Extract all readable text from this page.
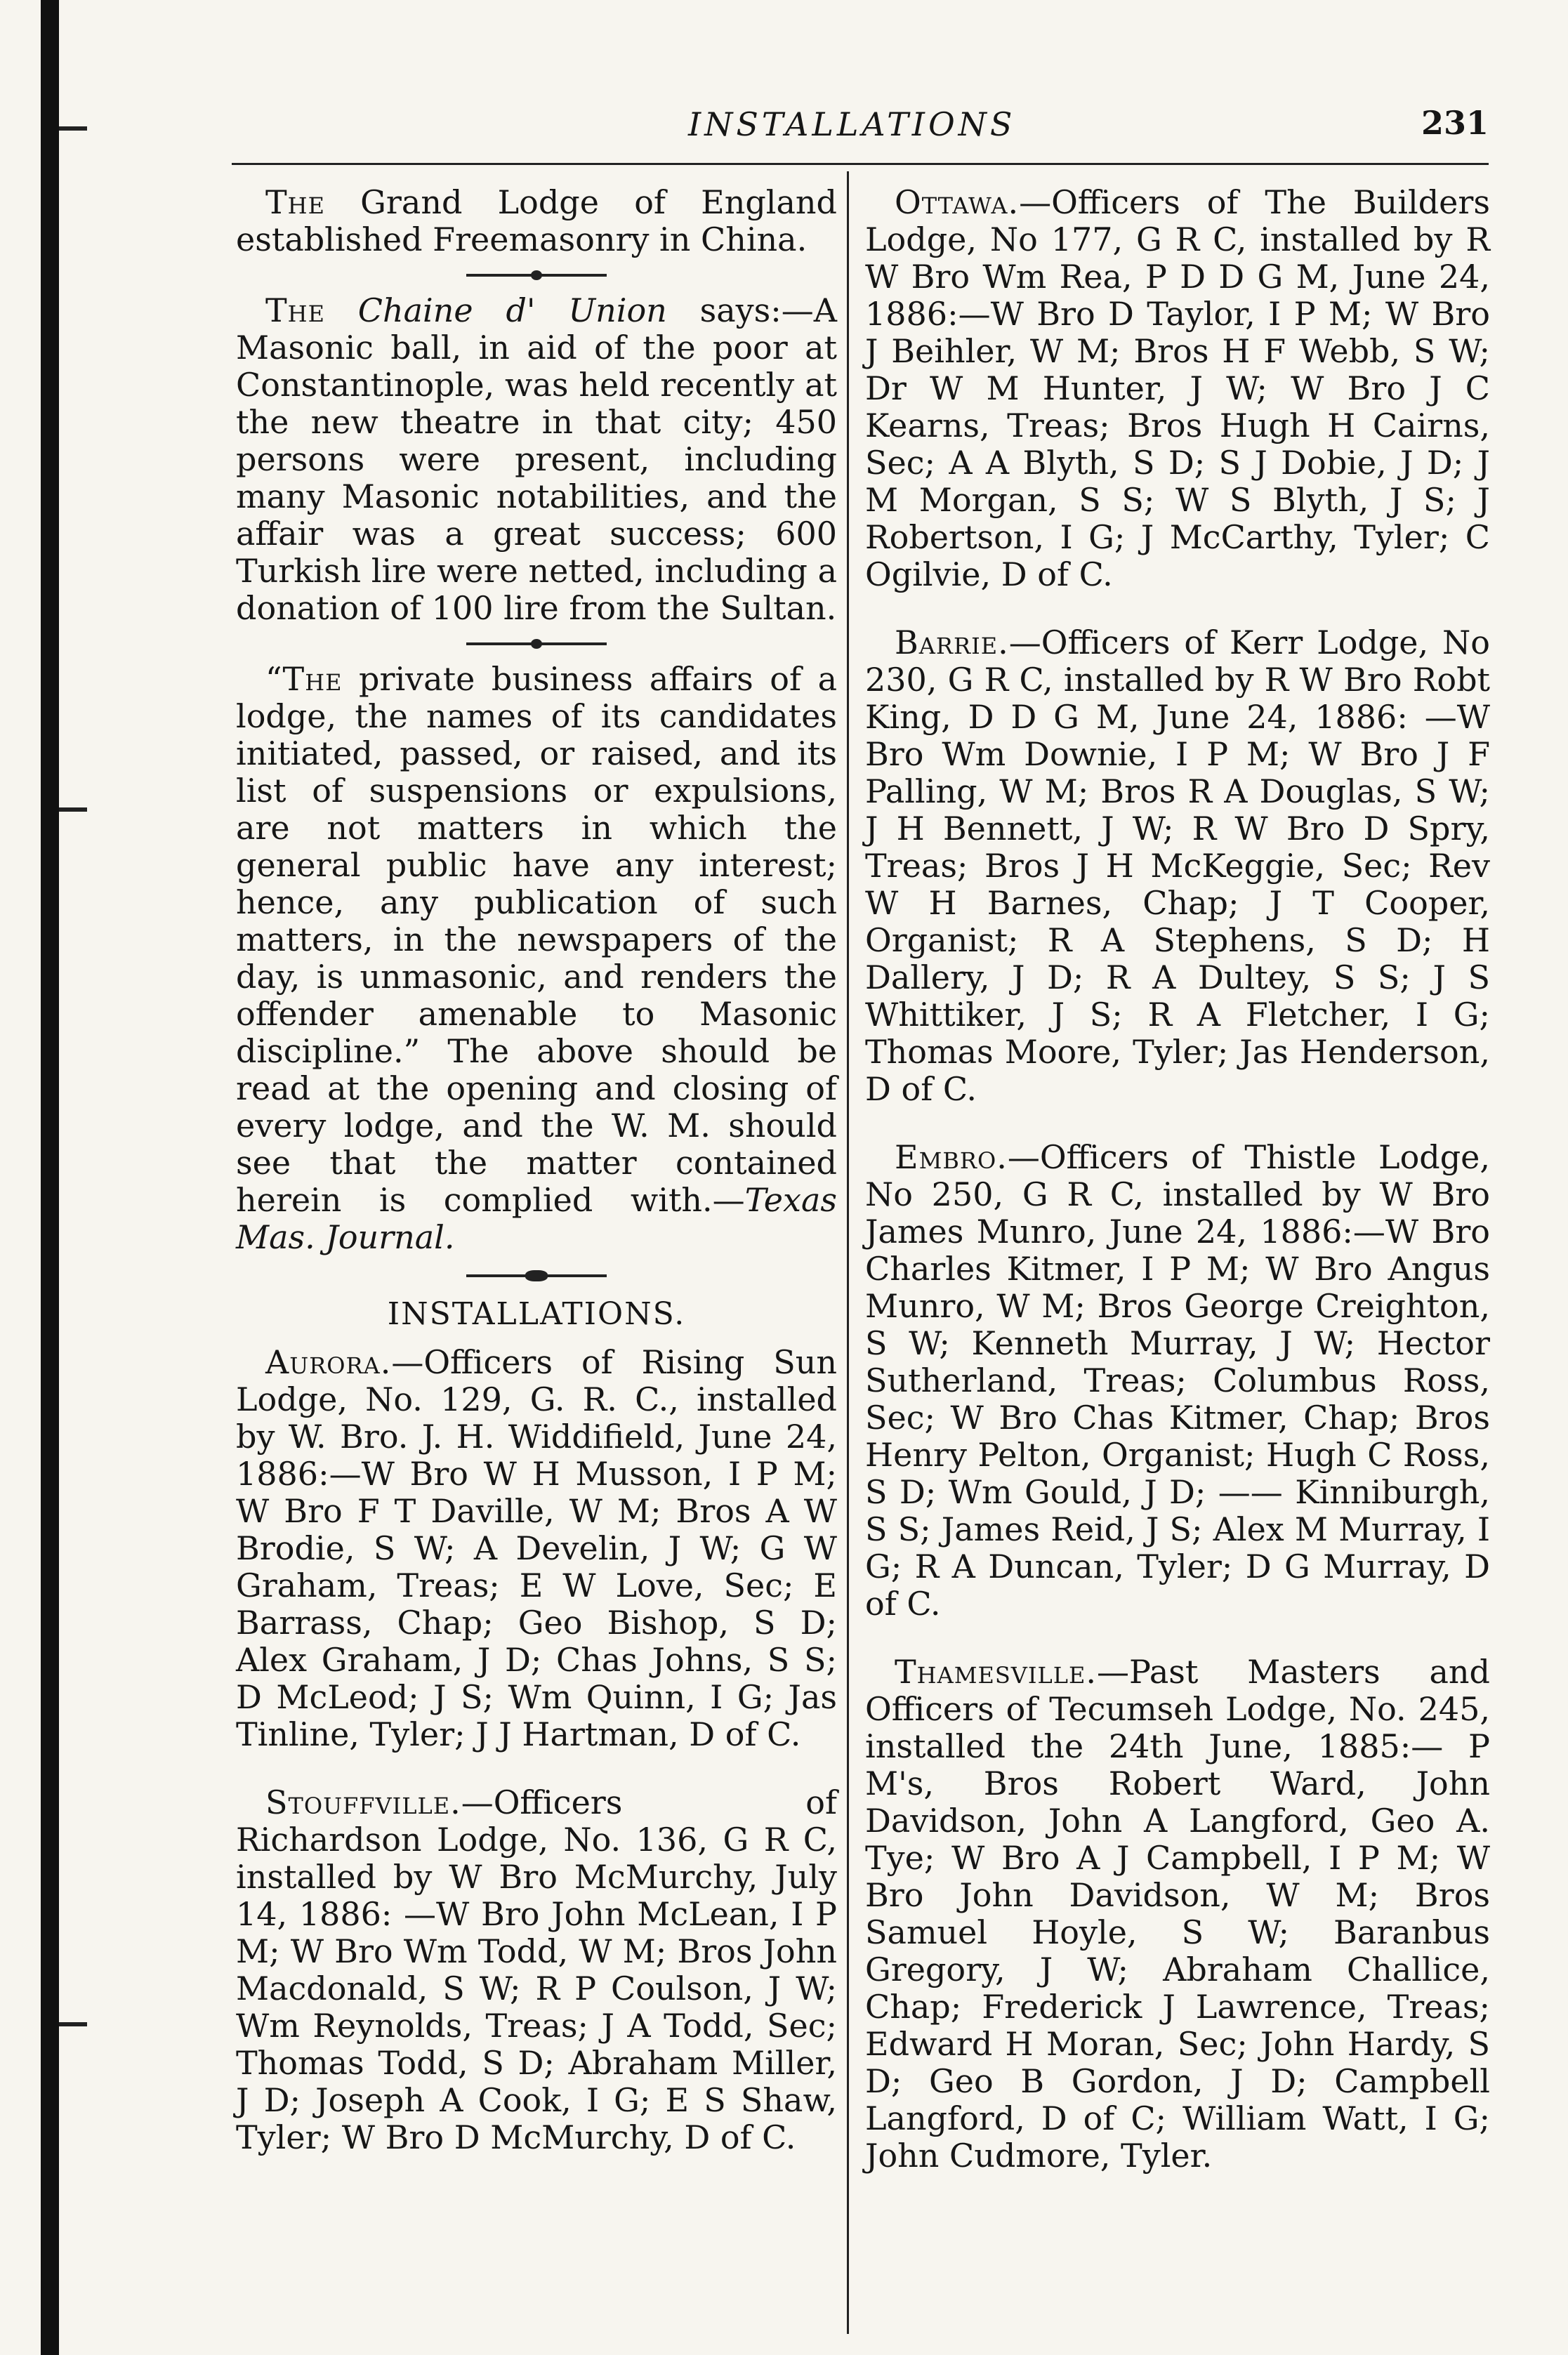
INSTALLATIONS	231

The Grand Lodge of England established Freemasonry in China.

The Chaine d' Union says:—A Masonic ball, in aid of the poor at Constantinople, was held recently at the new theatre in that city; 450 persons were present, including many Masonic notabilities, and the affair was a great success; 600 Turkish lire were netted, including a donation of 100 lire from the Sultan.

“The private business affairs of a lodge, the names of its candidates initiated, passed, or raised, and its list of suspensions or expulsions, are not matters in which the general public have any interest; hence, any publication of such matters, in the newspapers of the day, is unmasonic, and renders the offender amenable to Masonic discipline.” The above should be read at the opening and closing of every lodge, and the W. M. should see that the matter contained herein is complied with.—Texas Mas. Journal.

INSTALLATIONS.

Aurora.—Officers of Rising Sun Lodge, No. 129, G. R. C., installed by W. Bro. J. H. Widdifield, June 24, 1886:—W Bro W H Musson, I P M; W Bro F T Daville, W M; Bros A W Brodie, S W; A Develin, J W; G W Graham, Treas; E W Love, Sec; E Barrass, Chap; Geo Bishop, S D; Alex Graham, J D; Chas Johns, S S; D McLeod; J S; Wm Quinn, I G; Jas Tinline, Tyler; J J Hartman, D of C.

Stouffville.—Officers of Richardson Lodge, No. 136, G R C, installed by W Bro McMurchy, July 14, 1886: —W Bro John McLean, I P M; W Bro Wm Todd, W M; Bros John Macdonald, S W; R P Coulson, J W; Wm Reynolds, Treas; J A Todd, Sec; Thomas Todd, S D; Abraham Miller, J D; Joseph A Cook, I G; E S Shaw, Tyler; W Bro D McMurchy, D of C.

Ottawa.—Officers of The Builders Lodge, No 177, G R C, installed by R W Bro Wm Rea, P D D G M, June 24, 1886:—W Bro D Taylor, I P M; W Bro J Beihler, W M; Bros H F Webb, S W; Dr W M Hunter, J W; W Bro J C Kearns, Treas; Bros Hugh H Cairns, Sec; A A Blyth, S D; S J Dobie, J D; J M Morgan, S S; W S Blyth, J S; J Robertson, I G; J McCarthy, Tyler; C Ogilvie, D of C.

Barrie.—Officers of Kerr Lodge, No 230, G R C, installed by R W Bro Robt King, D D G M, June 24, 1886: —W Bro Wm Downie, I P M; W Bro J F Palling, W M; Bros R A Douglas, S W; J H Bennett, J W; R W Bro D Spry, Treas; Bros J H McKeggie, Sec; Rev W H Barnes, Chap; J T Cooper, Organist; R A Stephens, S D; H Dallery, J D; R A Dultey, S S; J S Whittiker, J S; R A Fletcher, I G; Thomas Moore, Tyler; Jas Henderson, D of C.

Embro.—Officers of Thistle Lodge, No 250, G R C, installed by W Bro James Munro, June 24, 1886:—W Bro Charles Kitmer, I P M; W Bro Angus Munro, W M; Bros George Creighton, S W; Kenneth Murray, J W; Hector Sutherland, Treas; Columbus Ross, Sec; W Bro Chas Kitmer, Chap; Bros Henry Pelton, Organist; Hugh C Ross, S D; Wm Gould, J D; —— Kinniburgh, S S; James Reid, J S; Alex M Murray, I G; R A Duncan, Tyler; D G Murray, D of C.

Thamesville.—Past Masters and Officers of Tecumseh Lodge, No. 245, installed the 24th June, 1885:— P M's, Bros Robert Ward, John Davidson, John A Langford, Geo A. Tye; W Bro A J Campbell, I P M; W Bro John Davidson, W M; Bros Samuel Hoyle, S W; Baranbus Gregory, J W; Abraham Challice, Chap; Frederick J Lawrence, Treas; Edward H Moran, Sec; John Hardy, S D; Geo B Gordon, J D; Campbell Langford, D of C; William Watt, I G; John Cudmore, Tyler.
